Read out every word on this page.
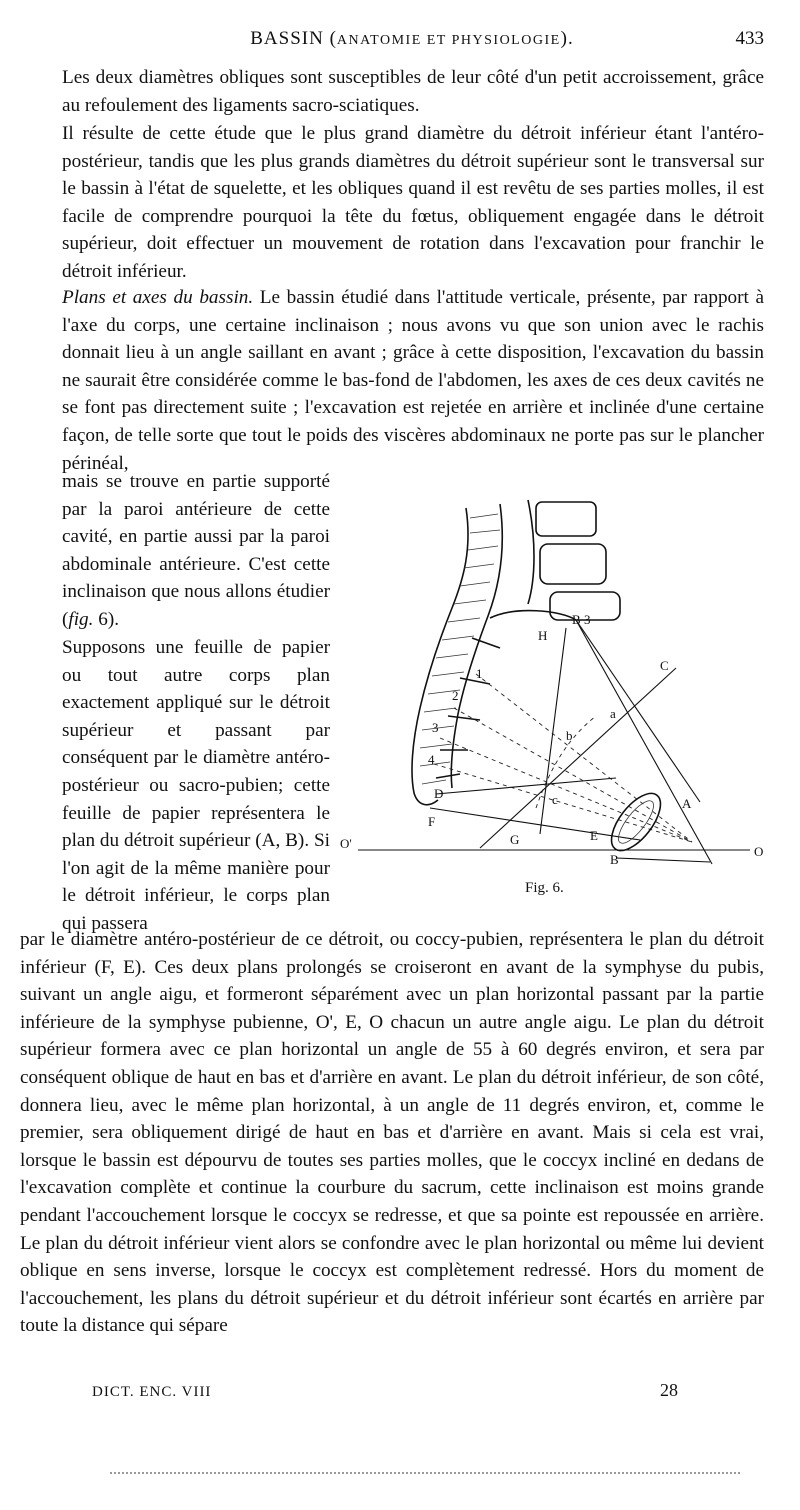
BASSIN (ANATOMIE ET PHYSIOLOGIE).	433

Les deux diamètres obliques sont susceptibles de leur côté d'un petit accroissement, grâce au refoulement des ligaments sacro-sciatiques.

Il résulte de cette étude que le plus grand diamètre du détroit inférieur étant l'antéro-postérieur, tandis que les plus grands diamètres du détroit supérieur sont le transversal sur le bassin à l'état de squelette, et les obliques quand il est revêtu de ses parties molles, il est facile de comprendre pourquoi la tête du fœtus, obliquement engagée dans le détroit supérieur, doit effectuer un mouvement de rotation dans l'excavation pour franchir le détroit inférieur.

Plans et axes du bassin. Le bassin étudié dans l'attitude verticale, présente, par rapport à l'axe du corps, une certaine inclinaison ; nous avons vu que son union avec le rachis donnait lieu à un angle saillant en avant ; grâce à cette disposition, l'excavation du bassin ne saurait être considérée comme le bas-fond de l'abdomen, les axes de ces deux cavités ne se font pas directement suite ; l'excavation est rejetée en arrière et inclinée d'une certaine façon, de telle sorte que tout le poids des viscères abdominaux ne porte pas sur le plancher périnéal,

mais se trouve en partie supporté par la paroi antérieure de cette cavité, en partie aussi par la paroi abdominale antérieure. C'est cette inclinaison que nous allons étudier (fig. 6).

Supposons une feuille de papier ou tout autre corps plan exactement appliqué sur le détroit supérieur et passant par conséquent par le diamètre antéro-postérieur ou sacro-pubien; cette feuille de papier représentera le plan du détroit supérieur (A, B). Si l'on agit de la même manière pour le détroit inférieur, le corps plan qui passera

B 3
C
a
b
c	A
1
2
3
4
D
F
G	E
O
O'
B
H
Fig. 6.

par le diamètre antéro-postérieur de ce détroit, ou coccy-pubien, représentera le plan du détroit inférieur (F, E). Ces deux plans prolongés se croiseront en avant de la symphyse du pubis, suivant un angle aigu, et formeront séparément avec un plan horizontal passant par la partie inférieure de la symphyse pubienne, O', E, O chacun un autre angle aigu. Le plan du détroit supérieur formera avec ce plan horizontal un angle de 55 à 60 degrés environ, et sera par conséquent oblique de haut en bas et d'arrière en avant. Le plan du détroit inférieur, de son côté, donnera lieu, avec le même plan horizontal, à un angle de 11 degrés environ, et, comme le premier, sera obliquement dirigé de haut en bas et d'arrière en avant. Mais si cela est vrai, lorsque le bassin est dépourvu de toutes ses parties molles, que le coccyx incliné en dedans de l'excavation complète et continue la courbure du sacrum, cette inclinaison est moins grande pendant l'accouchement lorsque le coccyx se redresse, et que sa pointe est repoussée en arrière. Le plan du détroit inférieur vient alors se confondre avec le plan horizontal ou même lui devient oblique en sens inverse, lorsque le coccyx est complètement redressé. Hors du moment de l'accouchement, les plans du détroit supérieur et du détroit inférieur sont écartés en arrière par toute la distance qui sépare

DICT. ENC. VIII	28
